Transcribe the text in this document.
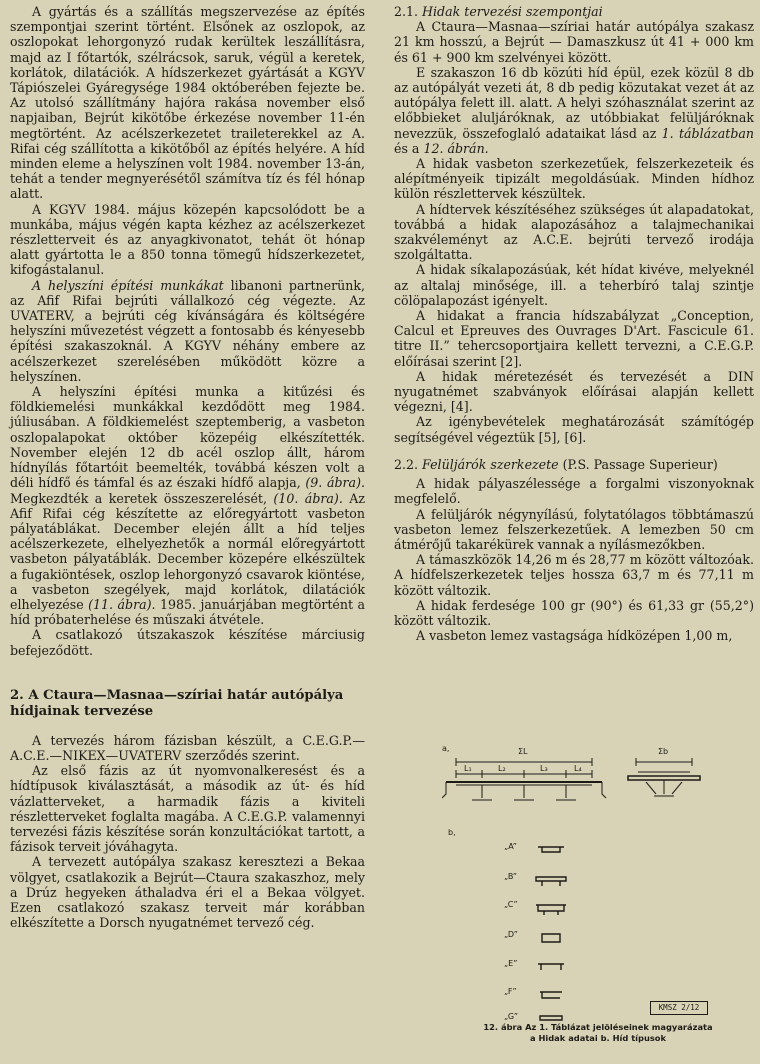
A gyártás és a szállítás megszervezése az építés szempontjai szerint történt. Elsőnek az oszlopok, az oszlopokat lehorgonyzó rudak kerültek leszállításra, majd az I főtartók, szélrácsok, saruk, végül a keretek, korlátok, dilatációk. A hídszerkezet gyártását a KGYV Tápiószelei Gyáregysége 1984 októberében fejezte be. Az utolsó szállítmány hajóra rakása november első napjaiban, Bejrút kikötőbe érkezése november 11-én megtörtént. Az acélszerkezetet traileterekkel az A. Rifai cég szállította a kikötőből az építés helyére. A híd minden eleme a helyszínen volt 1984. november 13-án, tehát a tender megnyerésétől számítva tíz és fél hónap alatt.

A KGYV 1984. május közepén kapcsolódott be a munkába, május végén kapta kézhez az acélszerkezet részletterveit és az anyagkivonatot, tehát öt hónap alatt gyártotta le a 850 tonna tömegű hídszerkezetet, kifogástalanul.

A helyszíni építési munkákat libanoni partnerünk, az Afif Rifai bejrúti vállalkozó cég végezte. Az UVATERV, a bejrúti cég kívánságára és költségére helyszíni művezetést végzett a fontosabb és kényesebb építési szakaszoknál. A KGYV néhány embere az acélszerkezet szerelésében működött közre a helyszínen.

A helyszíni építési munka a kitűzési és földkiemelési munkákkal kezdődött meg 1984. júliusában. A földkiemelést szeptemberig, a vasbeton oszlopalapokat október közepéig elkészítették. November elején 12 db acél oszlop állt, három hídnyílás főtartóit beemelték, továbbá készen volt a déli hídfő és támfal és az északi hídfő alapja, (9. ábra). Megkezdték a keretek összeszerelését, (10. ábra). Az Afif Rifai cég készítette az előregyártott vasbeton pályatáblákat. December elején állt a híd teljes acélszerkezete, elhelyezhetők a normál előregyártott vasbeton pályatáblák. December közepére elkészültek a fugakiöntések, oszlop lehorgonyzó csavarok kiöntése, a vasbeton szegélyek, majd korlátok, dilatációk elhelyezése (11. ábra). 1985. januárjában megtörtént a híd próbaterhelése és műszaki átvétele.

A csatlakozó útszakaszok készítése márciusig befejeződött.

2. A Ctaura—Masnaa—szíriai határ autópálya hídjainak tervezése

A tervezés három fázisban készült, a C.E.G.P.— A.C.E.—NIKEX—UVATERV szerződés szerint.

Az első fázis az út nyomvonalkeresést és a hídtípusok kiválasztását, a második az út- és híd vázlatterveket, a harmadik fázis a kiviteli részletterveket foglalta magába. A C.E.G.P. valamennyi tervezési fázis készítése során konzultációkat tartott, a fázisok terveit jóváhagyta.

A tervezett autópálya szakasz keresztezi a Bekaa völgyet, csatlakozik a Bejrút—Ctaura szakaszhoz, mely a Drúz hegyeken áthaladva éri el a Bekaa völgyet. Ezen csatlakozó szakasz terveit már korábban elkészítette a Dorsch nyugatnémet tervező cég.

2.1. Hidak tervezési szempontjai

A Ctaura—Masnaa—szíriai határ autópálya szakasz 21 km hosszú, a Bejrút — Damaszkusz út 41 + 000 km és 61 + 900 km szelvényei között.

E szakaszon 16 db közúti híd épül, ezek közül 8 db az autópályát vezeti át, 8 db pedig közutakat vezet át az autópálya felett ill. alatt. A helyi szóhasználat szerint az előbbieket aluljáróknak, az utóbbiakat felüljáróknak nevezzük, összefoglaló adataikat lásd az 1. táblázatban és a 12. ábrán.

A hidak vasbeton szerkezetűek, felszerkezeteik és alépítményeik tipizált megoldásúak. Minden hídhoz külön részlettervek készültek.

A hídtervek készítéséhez szükséges út alapadatokat, továbbá a hidak alapozásához a talajmechanikai szakvéleményt az A.C.E. bejrúti tervező irodája szolgáltatta.

A hidak síkalapozásúak, két hídat kivéve, melyeknél az altalaj minősége, ill. a teherbíró talaj szintje cölöpalapozást igényelt.

A hidakat a francia hídszabályzat „Conception, Calcul et Epreuves des Ouvrages D'Art. Fascicule 61. titre II.” tehercsoportjaira kellett tervezni, a C.E.G.P. előírásai szerint [2].

A hidak méretezését és tervezését a DIN nyugatnémet szabványok előírásai alapján kellett végezni, [4].

Az igénybevételek meghatározását számítógép segítségével végeztük [5], [6].

2.2. Felüljárók szerkezete (P.S. Passage Superieur)

A hidak pályaszélessége a forgalmi viszonyoknak megfelelő.

A felüljárók négynyílású, folytatólagos többtámaszú vasbeton lemez felszerkezetűek. A lemezben 50 cm átmérőjű takarékürek vannak a nyílásmezőkben.

A támaszközök 14,26 m és 28,77 m között változóak. A hídfelszerkezetek teljes hossza 63,7 m és 77,11 m között változik.

A hidak ferdesége 100 gr (90°) és 61,33 gr (55,2°) között változik.

A vasbeton lemez vastagsága hídközépen 1,00 m,

a,	ΣL
L₁	L₂	L₃	L₄
Σb
b,
„A”
„B”
„C”
„D”
„E”
„F”
„G”
KMSZ 2/12
12. ábra Az 1. Táblázat jelöléseinek magyarázata
a Hidak adatai b. Híd típusok
